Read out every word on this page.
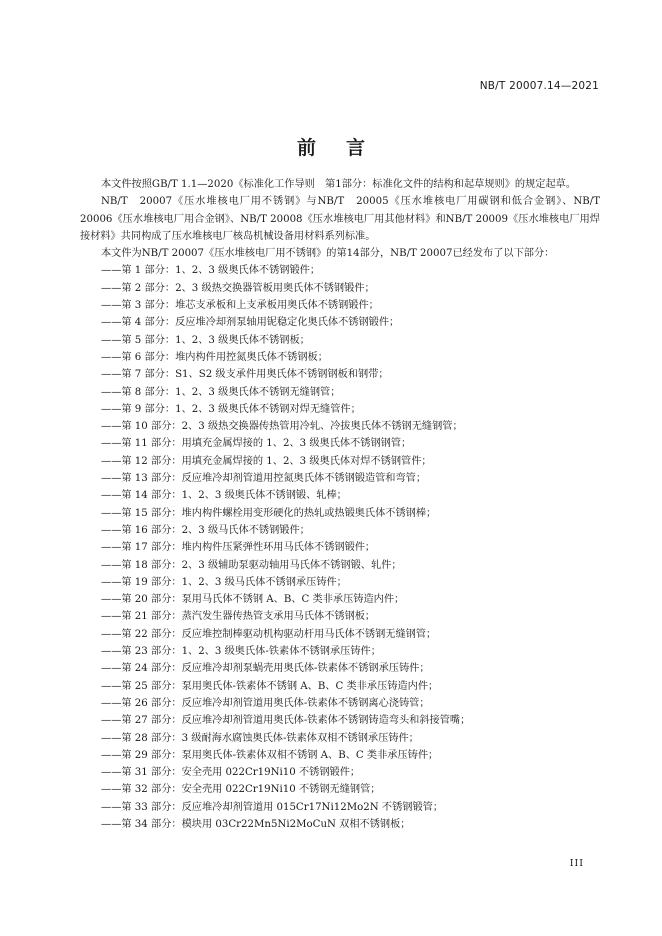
NB/T 20007.14—2021
前言
本文件按照GB/T 1.1—2020《标准化工作导则　第1部分：标准化文件的结构和起草规则》的规定起草。
NB/T　20007《压水堆核电厂用不锈钢》与NB/T　20005《压水堆核电厂用碳钢和低合金钢》、NB/T 20006《压水堆核电厂用合金钢》、NB/T 20008《压水堆核电厂用其他材料》和NB/T 20009《压水堆核电厂用焊接材料》共同构成了压水堆核电厂核岛机械设备用材料系列标准。
本文件为NB/T 20007《压水堆核电厂用不锈钢》的第14部分，NB/T 20007已经发布了以下部分：
——第 1 部分：1、2、3 级奥氏体不锈钢锻件；
——第 2 部分：2、3 级热交换器管板用奥氏体不锈钢锻件；
——第 3 部分：堆芯支承板和上支承板用奥氏体不锈钢锻件；
——第 4 部分：反应堆冷却剂泵轴用铌稳定化奥氏体不锈钢锻件；
——第 5 部分：1、2、3 级奥氏体不锈钢板；
——第 6 部分：堆内构件用控氮奥氏体不锈钢板；
——第 7 部分：S1、S2 级支承件用奥氏体不锈钢钢板和钢带；
——第 8 部分：1、2、3 级奥氏体不锈钢无缝钢管；
——第 9 部分：1、2、3 级奥氏体不锈钢对焊无缝管件；
——第 10 部分：2、3 级热交换器传热管用冷轧、冷拔奥氏体不锈钢无缝钢管；
——第 11 部分：用填充金属焊接的 1、2、3 级奥氏体不锈钢钢管；
——第 12 部分：用填充金属焊接的 1、2、3 级奥氏体对焊不锈钢管件；
——第 13 部分：反应堆冷却剂管道用控氮奥氏体不锈钢锻造管和弯管；
——第 14 部分：1、2、3 级奥氏体不锈钢锻、轧棒；
——第 15 部分：堆内构件螺栓用变形硬化的热轧或热锻奥氏体不锈钢棒；
——第 16 部分：2、3 级马氏体不锈钢锻件；
——第 17 部分：堆内构件压紧弹性环用马氏体不锈钢锻件；
——第 18 部分：2、3 级辅助泵驱动轴用马氏体不锈钢锻、轧件；
——第 19 部分：1、2、3 级马氏体不锈钢承压铸件；
——第 20 部分：泵用马氏体不锈钢 A、B、C 类非承压铸造内件；
——第 21 部分：蒸汽发生器传热管支承用马氏体不锈钢板；
——第 22 部分：反应堆控制棒驱动机构驱动杆用马氏体不锈钢无缝钢管；
——第 23 部分：1、2、3 级奥氏体-铁素体不锈钢承压铸件；
——第 24 部分：反应堆冷却剂泵蜗壳用奥氏体-铁素体不锈钢承压铸件；
——第 25 部分：泵用奥氏体-铁素体不锈钢 A、B、C 类非承压铸造内件；
——第 26 部分：反应堆冷却剂管道用奥氏体-铁素体不锈钢离心浇铸管；
——第 27 部分：反应堆冷却剂管道用奥氏体-铁素体不锈钢铸造弯头和斜接管嘴；
——第 28 部分：3 级耐海水腐蚀奥氏体-铁素体双相不锈钢承压铸件；
——第 29 部分：泵用奥氏体-铁素体双相不锈钢 A、B、C 类非承压铸件；
——第 31 部分：安全壳用 022Cr19Ni10 不锈钢锻件；
——第 32 部分：安全壳用 022Cr19Ni10 不锈钢无缝钢管；
——第 33 部分：反应堆冷却剂管道用 015Cr17Ni12Mo2N 不锈钢锻管；
——第 34 部分：模块用 03Cr22Mn5Ni2MoCuN 双相不锈钢板；
III
